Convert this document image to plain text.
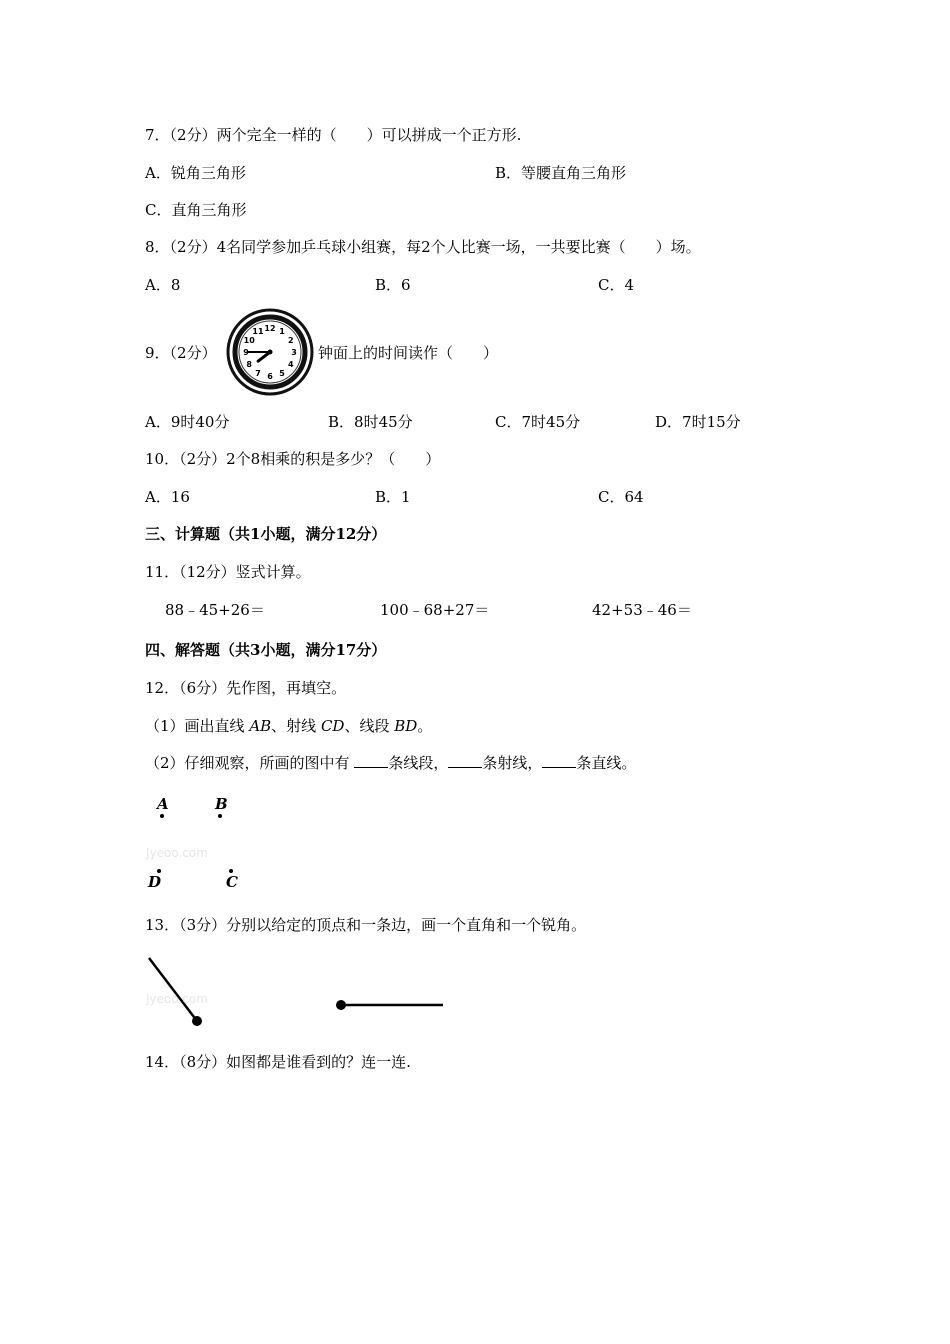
7．（2分）两个完全一样的（　　）可以拼成一个正方形.
A．锐角三角形	B．等腰直角三角形
C．直角三角形
8．（2分）4名同学参加乒乓球小组赛，每2个人比赛一场，一共要比赛（　　）场。
A．8	B．6	C．4
9．（2分）
12 1
2
3
4
5
6
7
8
9
10
11
钟面上的时间读作（　　）
A．9时40分	B．8时45分	C．7时45分	D．7时15分
10．（2分）2个8相乘的积是多少？（　　）
A．16	B．1	C．64
三、计算题（共1小题，满分12分）
11．（12分）竖式计算。
88﹣45+26＝	100﹣68+27＝	42+53﹣46＝
四、解答题（共3小题，满分17分）
12．（6分）先作图，再填空。
（1）画出直线 AB、射线 CD、线段 BD。
（2）仔细观察，所画的图中有 条线段， 条射线， 条直线。
A	B
Jyeoo.com
D	C
13．（3分）分别以给定的顶点和一条边，画一个直角和一个锐角。
Jyeoo.com
14．（8分）如图都是谁看到的？连一连.
